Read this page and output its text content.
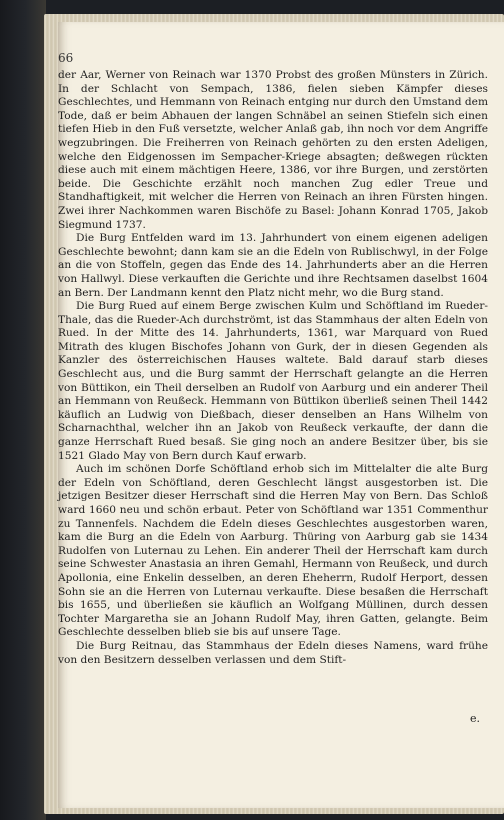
66

der Aar, Werner von Reinach war 1370 Probst des großen Münsters in Zürich. In der Schlacht von Sempach, 1386, fielen sieben Kämpfer dieses Geschlechtes, und Hemmann von Reinach entging nur durch den Umstand dem Tode, daß er beim Abhauen der langen Schnäbel an seinen Stiefeln sich einen tiefen Hieb in den Fuß versetzte, welcher Anlaß gab, ihn noch vor dem Angriffe wegzubringen. Die Freiherren von Reinach gehörten zu den ersten Adeligen, welche den Eidgenossen im Sempacher-Kriege absagten; deßwegen rückten diese auch mit einem mächtigen Heere, 1386, vor ihre Burgen, und zerstörten beide. Die Geschichte erzählt noch manchen Zug edler Treue und Standhaftigkeit, mit welcher die Herren von Reinach an ihren Fürsten hingen. Zwei ihrer Nachkommen waren Bischöfe zu Basel: Johann Konrad 1705, Jakob Siegmund 1737.

Die Burg Entfelden ward im 13. Jahrhundert von einem eigenen adeligen Geschlechte bewohnt; dann kam sie an die Edeln von Rublischwyl, in der Folge an die von Stoffeln, gegen das Ende des 14. Jahrhunderts aber an die Herren von Hallwyl. Diese verkauften die Gerichte und ihre Rechtsamen daselbst 1604 an Bern. Der Landmann kennt den Platz nicht mehr, wo die Burg stand.

Die Burg Rued auf einem Berge zwischen Kulm und Schöftland im Rueder-Thale, das die Rueder-Ach durchströmt, ist das Stammhaus der alten Edeln von Rued. In der Mitte des 14. Jahrhunderts, 1361, war Marquard von Rued Mitrath des klugen Bischofes Johann von Gurk, der in diesen Gegenden als Kanzler des österreichischen Hauses waltete. Bald darauf starb dieses Geschlecht aus, und die Burg sammt der Herrschaft gelangte an die Herren von Büttikon, ein Theil derselben an Rudolf von Aarburg und ein anderer Theil an Hemmann von Reußeck. Hemmann von Büttikon überließ seinen Theil 1442 käuflich an Ludwig von Dießbach, dieser denselben an Hans Wilhelm von Scharnachthal, welcher ihn an Jakob von Reußeck verkaufte, der dann die ganze Herrschaft Rued besaß. Sie ging noch an andere Besitzer über, bis sie 1521 Glado May von Bern durch Kauf erwarb.

Auch im schönen Dorfe Schöftland erhob sich im Mittelalter die alte Burg der Edeln von Schöftland, deren Geschlecht längst ausgestorben ist. Die jetzigen Besitzer dieser Herrschaft sind die Herren May von Bern. Das Schloß ward 1660 neu und schön erbaut. Peter von Schöftland war 1351 Commenthur zu Tannenfels. Nachdem die Edeln dieses Geschlechtes ausgestorben waren, kam die Burg an die Edeln von Aarburg. Thüring von Aarburg gab sie 1434 Rudolfen von Luternau zu Lehen. Ein anderer Theil der Herrschaft kam durch seine Schwester Anastasia an ihren Gemahl, Hermann von Reußeck, und durch Apollonia, eine Enkelin desselben, an deren Eheherrn, Rudolf Herport, dessen Sohn sie an die Herren von Luternau verkaufte. Diese besaßen die Herrschaft bis 1655, und überließen sie käuflich an Wolfgang Müllinen, durch dessen Tochter Margaretha sie an Johann Rudolf May, ihren Gatten, gelangte. Beim Geschlechte desselben blieb sie bis auf unsere Tage.

Die Burg Reitnau, das Stammhaus der Edeln dieses Namens, ward frühe von den Besitzern desselben verlassen und dem Stift-

e.
